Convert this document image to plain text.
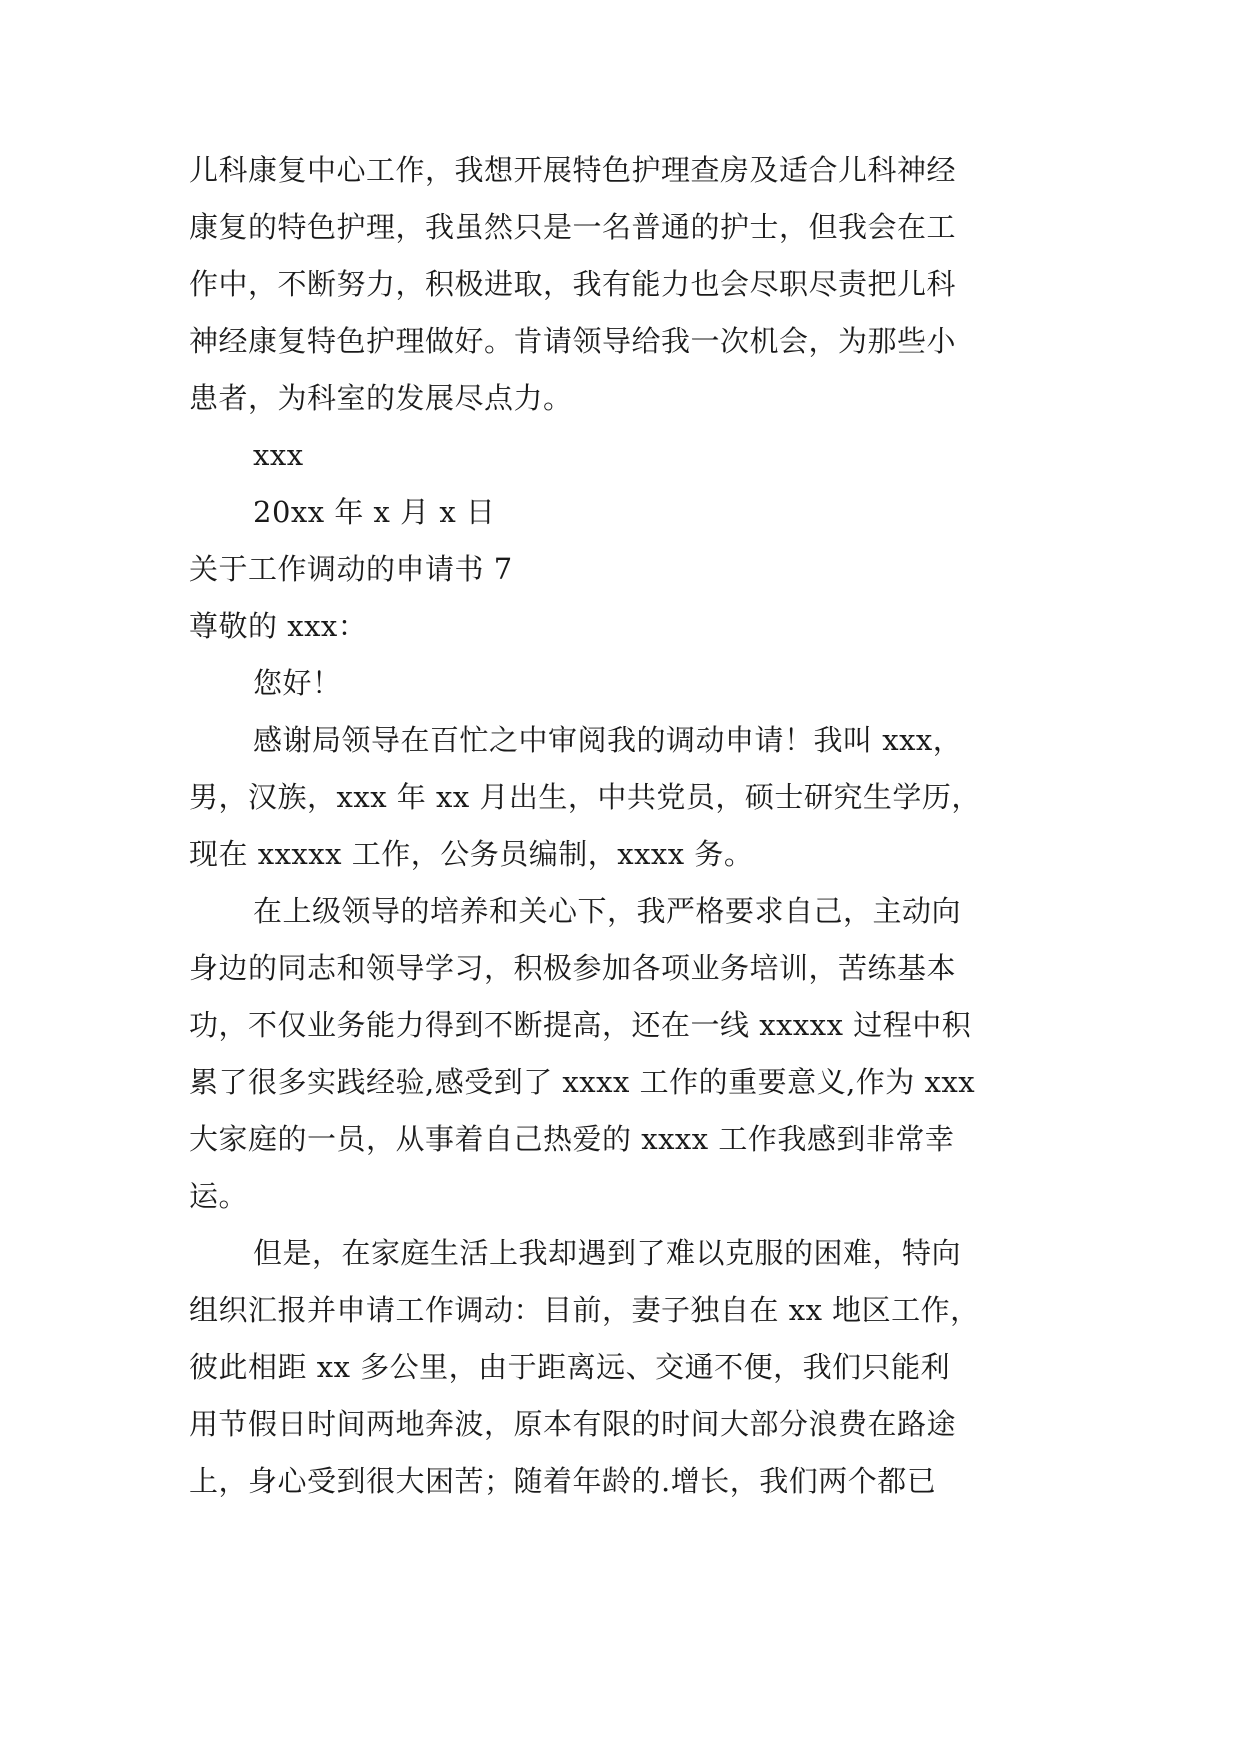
儿科康复中心工作，我想开展特色护理查房及适合儿科神经
康复的特色护理，我虽然只是一名普通的护士，但我会在工
作中，不断努力，积极进取，我有能力也会尽职尽责把儿科
神经康复特色护理做好。肯请领导给我一次机会，为那些小
患者，为科室的发展尽点力。
xxx
20xx 年 x 月 x 日
关于工作调动的申请书 7
尊敬的 xxx：
您好！
感谢局领导在百忙之中审阅我的调动申请！我叫 xxx，
男，汉族，xxx 年 xx 月出生，中共党员，硕士研究生学历，
现在 xxxxx 工作，公务员编制，xxxx 务。
在上级领导的培养和关心下，我严格要求自己，主动向
身边的同志和领导学习，积极参加各项业务培训，苦练基本
功，不仅业务能力得到不断提高，还在一线 xxxxx 过程中积
累了很多实践经验,感受到了 xxxx 工作的重要意义,作为 xxx
大家庭的一员，从事着自己热爱的 xxxx 工作我感到非常幸
运。
但是，在家庭生活上我却遇到了难以克服的困难，特向
组织汇报并申请工作调动：目前，妻子独自在 xx 地区工作，
彼此相距 xx 多公里，由于距离远、交通不便，我们只能利
用节假日时间两地奔波，原本有限的时间大部分浪费在路途
上，身心受到很大困苦；随着年龄的.增长，我们两个都已
